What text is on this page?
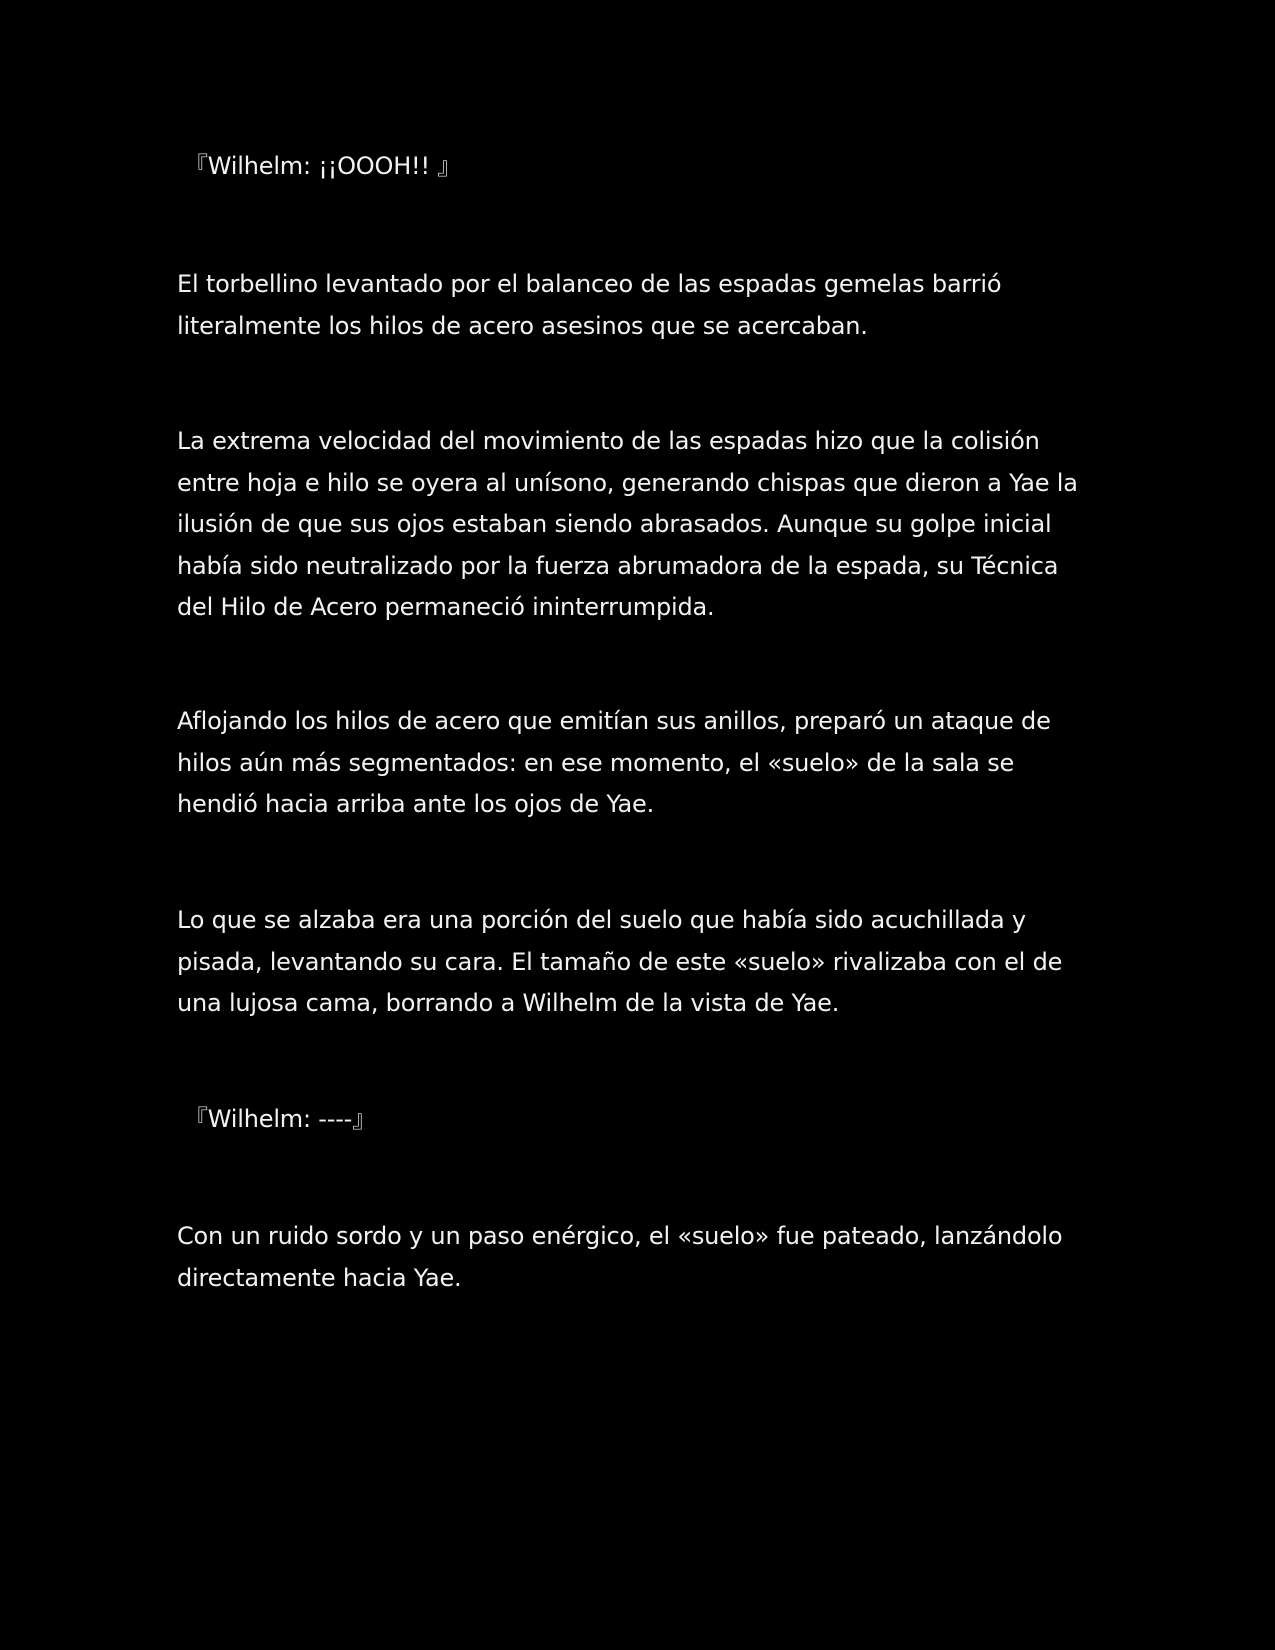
『Wilhelm: ¡¡OOOH!! 』

El torbellino levantado por el balanceo de las espadas gemelas barrió literalmente los hilos de acero asesinos que se acercaban.

La extrema velocidad del movimiento de las espadas hizo que la colisión entre hoja e hilo se oyera al unísono, generando chispas que dieron a Yae la ilusión de que sus ojos estaban siendo abrasados. Aunque su golpe inicial había sido neutralizado por la fuerza abrumadora de la espada, su Técnica del Hilo de Acero permaneció ininterrumpida.

Aflojando los hilos de acero que emitían sus anillos, preparó un ataque de hilos aún más segmentados: en ese momento, el «suelo» de la sala se hendió hacia arriba ante los ojos de Yae.

Lo que se alzaba era una porción del suelo que había sido acuchillada y pisada, levantando su cara. El tamaño de este «suelo» rivalizaba con el de una lujosa cama, borrando a Wilhelm de la vista de Yae.

『Wilhelm: ----』

Con un ruido sordo y un paso enérgico, el «suelo» fue pateado, lanzándolo directamente hacia Yae.
